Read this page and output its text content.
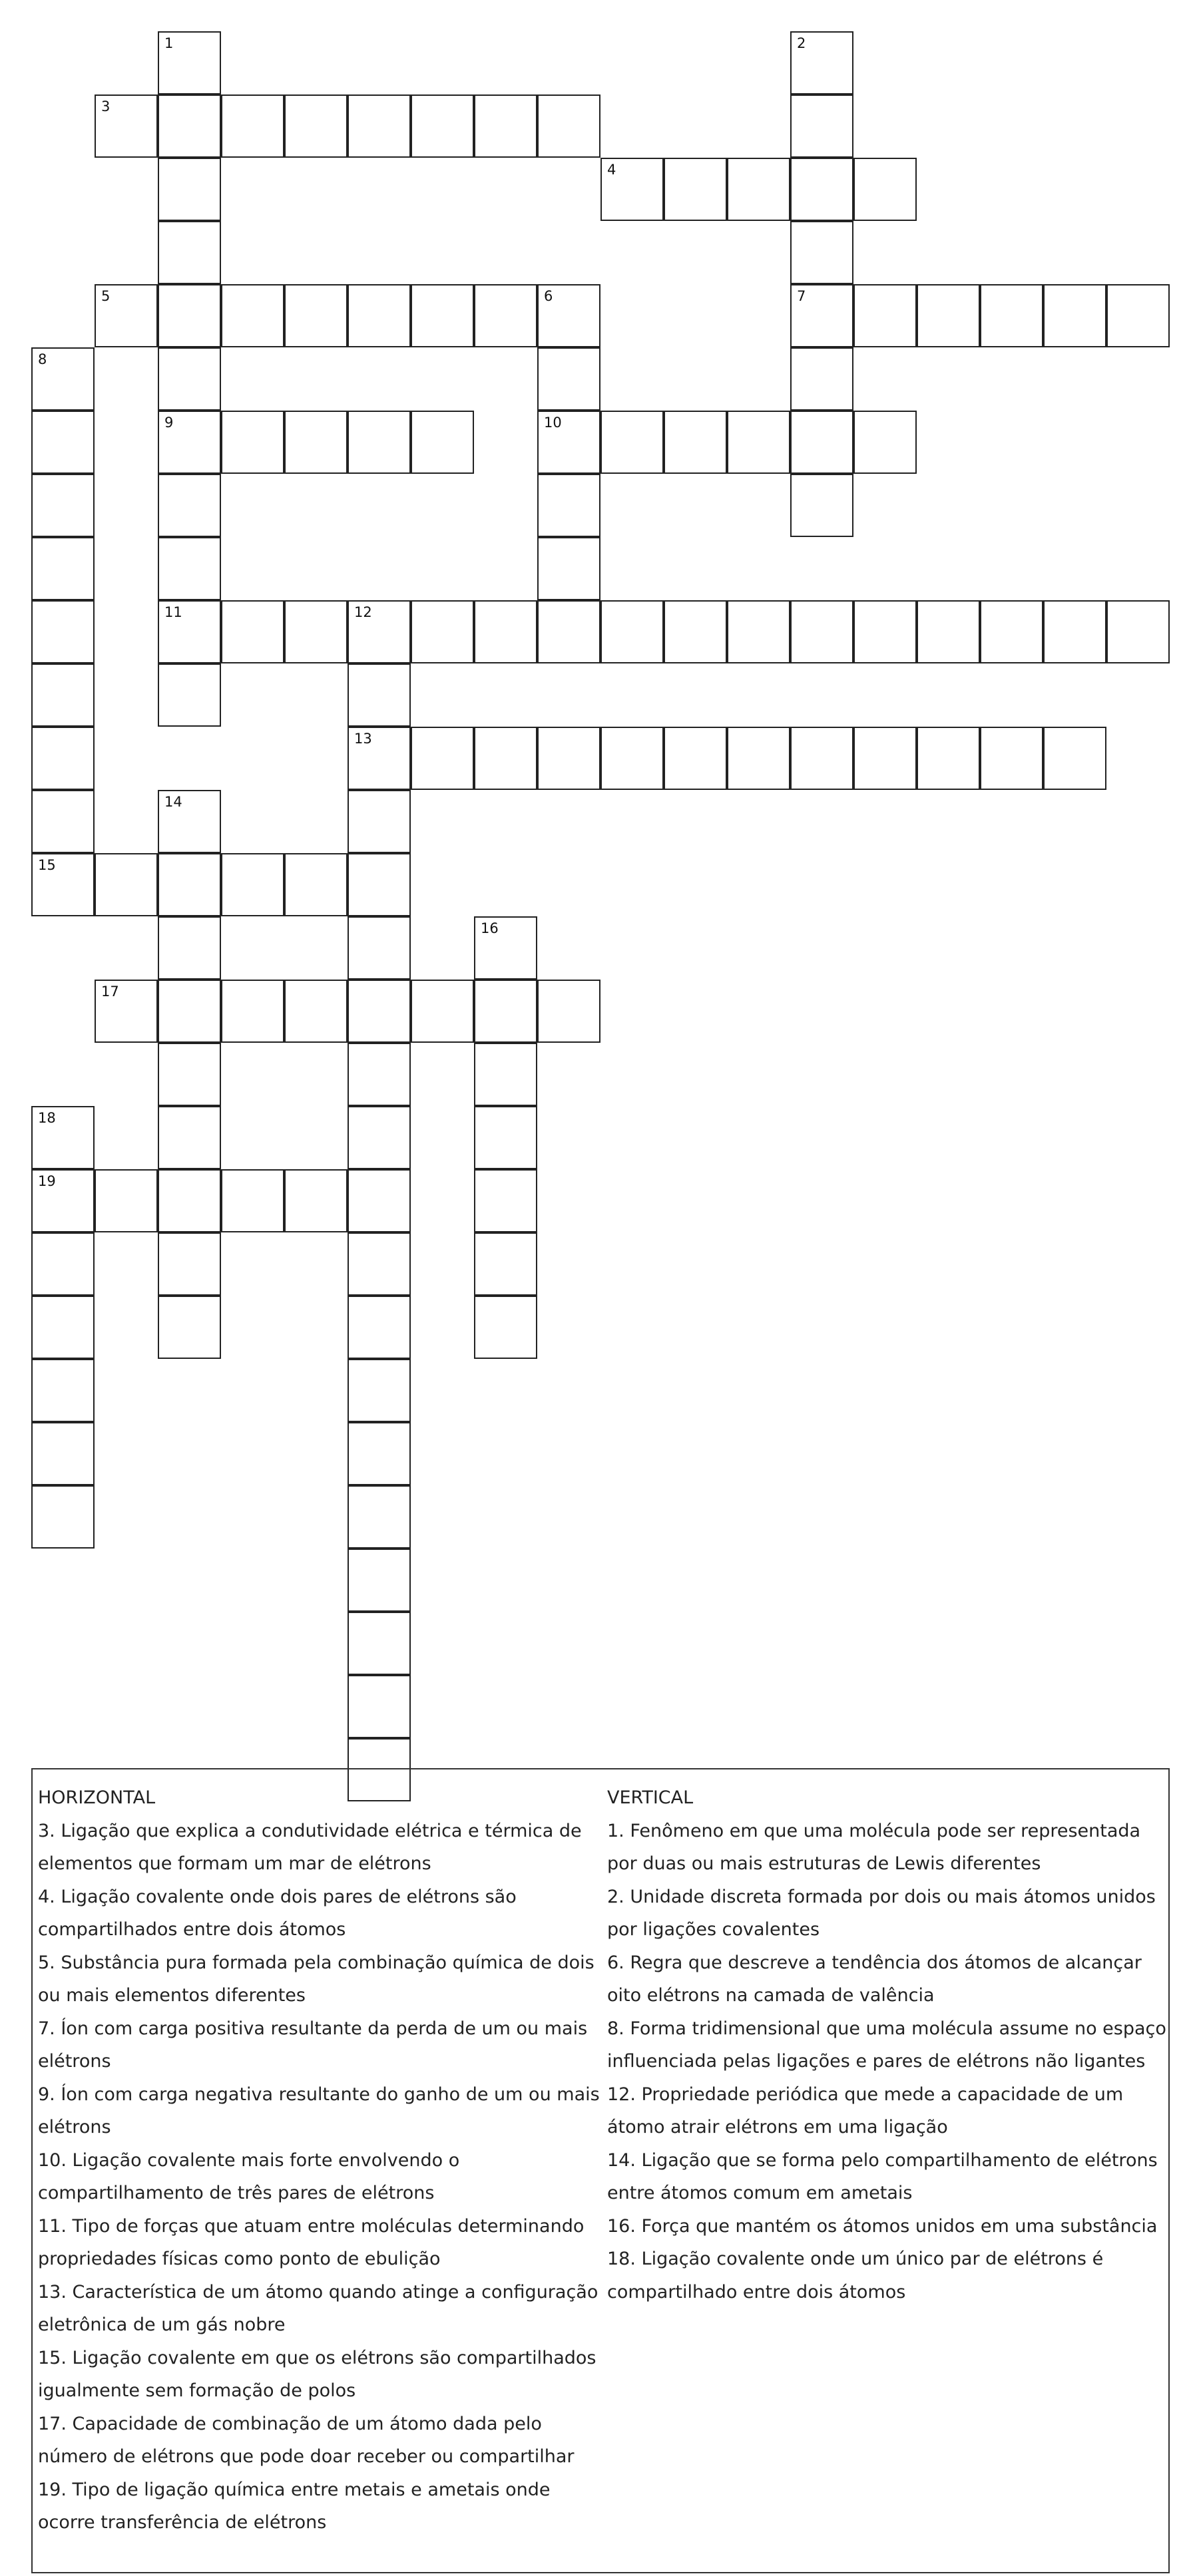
1
9
11
2
7
3
4
5	6
10
8
15
12
13
14
16
17
18
19
HORIZONTAL
3. Ligação que explica a condutividade elétrica e térmica de elementos que formam um mar de elétrons
4. Ligação covalente onde dois pares de elétrons são compartilhados entre dois átomos
5. Substância pura formada pela combinação química de dois ou mais elementos diferentes
7. Íon com carga positiva resultante da perda de um ou mais elétrons
9. Íon com carga negativa resultante do ganho de um ou mais elétrons
10. Ligação covalente mais forte envolvendo o compartilhamento de três pares de elétrons
11. Tipo de forças que atuam entre moléculas determinando propriedades físicas como ponto de ebulição
13. Característica de um átomo quando atinge a configuração eletrônica de um gás nobre
15. Ligação covalente em que os elétrons são compartilhados igualmente sem formação de polos
17. Capacidade de combinação de um átomo dada pelo número de elétrons que pode doar receber ou compartilhar
19. Tipo de ligação química entre metais e ametais onde ocorre transferência de elétrons
VERTICAL
1. Fenômeno em que uma molécula pode ser representada por duas ou mais estruturas de Lewis diferentes
2. Unidade discreta formada por dois ou mais átomos unidos por ligações covalentes
6. Regra que descreve a tendência dos átomos de alcançar oito elétrons na camada de valência
8. Forma tridimensional que uma molécula assume no espaço influenciada pelas ligações e pares de elétrons não ligantes
12. Propriedade periódica que mede a capacidade de um átomo atrair elétrons em uma ligação
14. Ligação que se forma pelo compartilhamento de elétrons entre átomos comum em ametais
16. Força que mantém os átomos unidos em uma substância
18. Ligação covalente onde um único par de elétrons é compartilhado entre dois átomos
